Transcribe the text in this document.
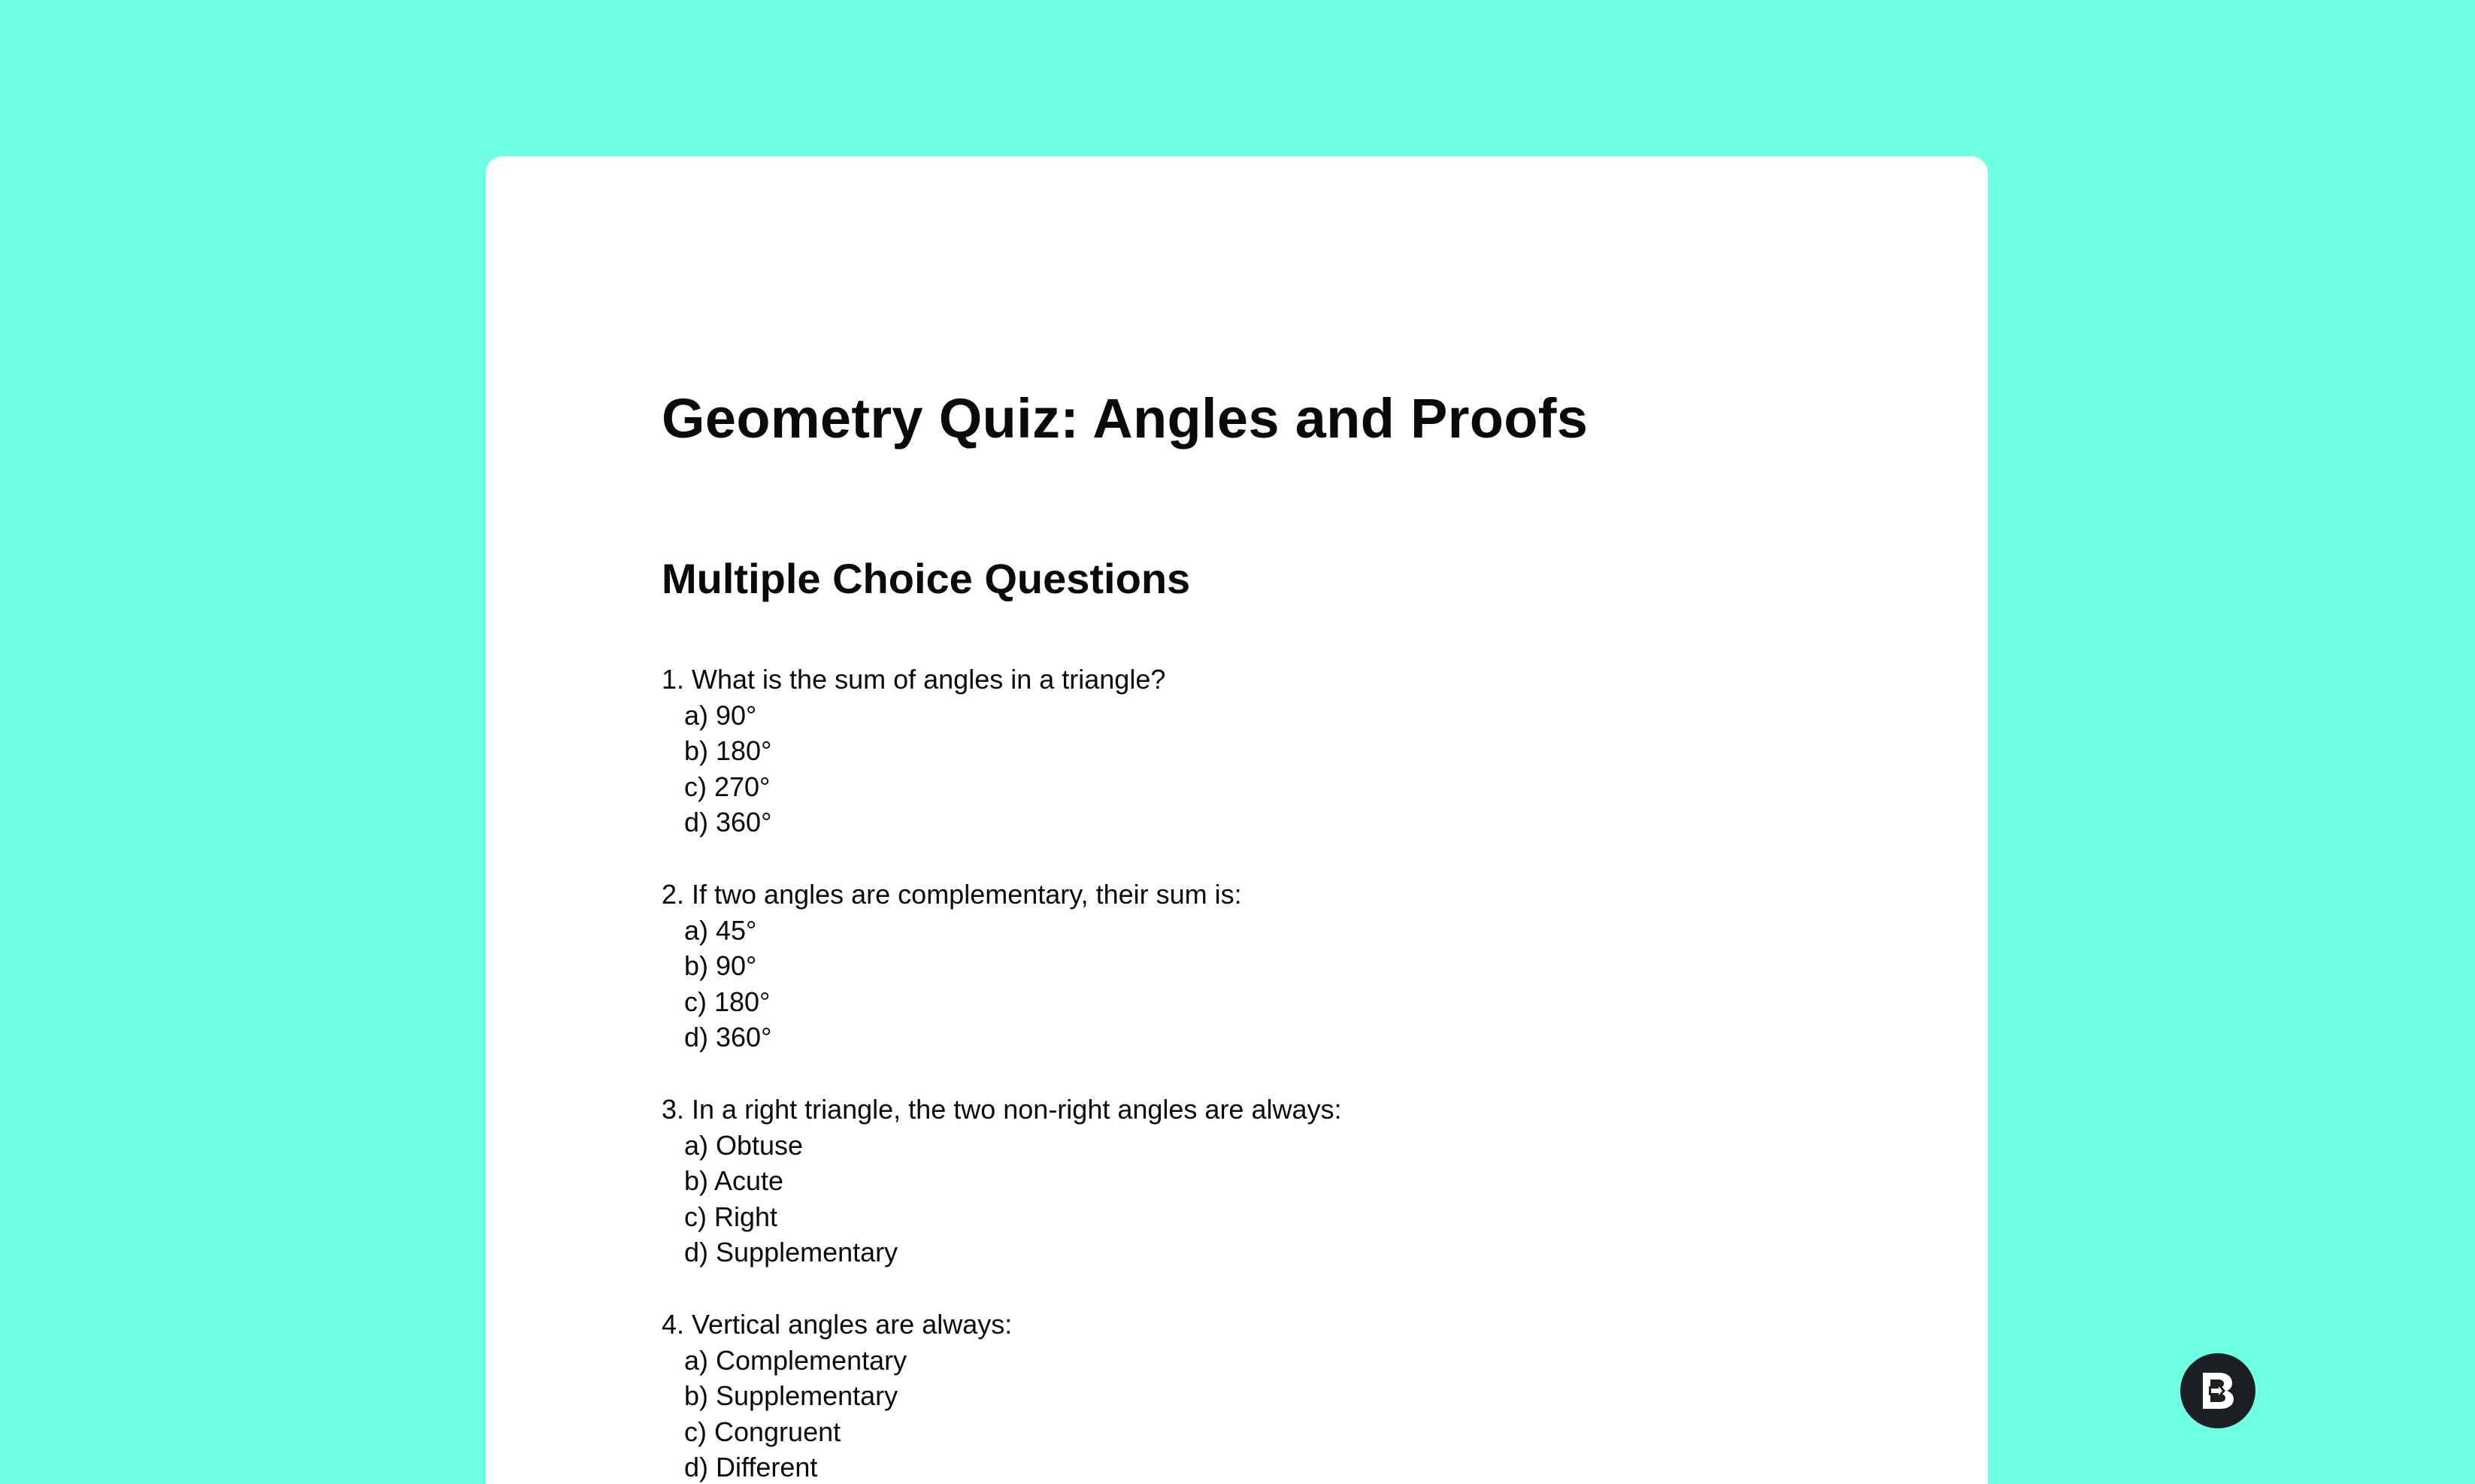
Geometry Quiz: Angles and Proofs
Multiple Choice Questions
1. What is the sum of angles in a triangle?
a) 90°
b) 180°
c) 270°
d) 360°
2. If two angles are complementary, their sum is:
a) 45°
b) 90°
c) 180°
d) 360°
3. In a right triangle, the two non-right angles are always:
a) Obtuse
b) Acute
c) Right
d) Supplementary
4. Vertical angles are always:
a) Complementary
b) Supplementary
c) Congruent
d) Different
